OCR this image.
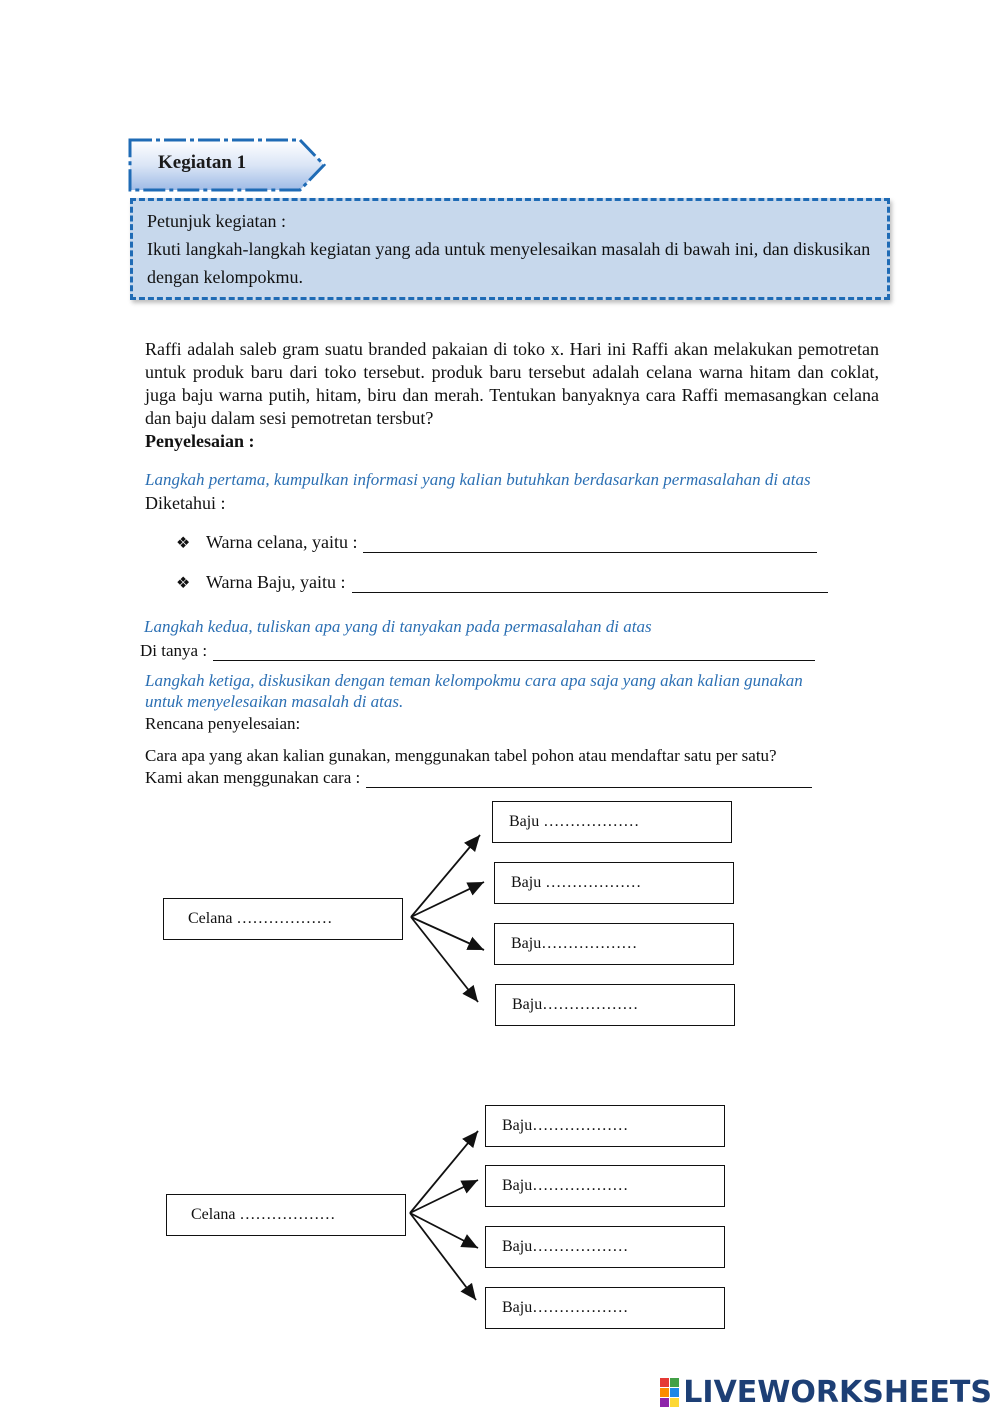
Kegiatan 1
Petunjuk kegiatan :
Ikuti langkah-langkah kegiatan yang ada untuk menyelesaikan masalah di bawah ini, dan diskusikan dengan kelompokmu.
Raffi adalah saleb gram suatu branded pakaian di toko x. Hari ini Raffi akan melakukan pemotretan untuk produk baru dari toko tersebut. produk baru tersebut adalah celana warna hitam dan coklat, juga baju warna putih, hitam, biru dan merah. Tentukan banyaknya cara Raffi memasangkan celana dan baju dalam sesi pemotretan tersbut?
Penyelesaian :
Langkah pertama, kumpulkan informasi yang kalian butuhkan berdasarkan permasalahan di atas
Diketahui :
❖ Warna celana, yaitu :
❖ Warna Baju, yaitu :
Langkah kedua, tuliskan apa yang di tanyakan pada permasalahan di atas
Di tanya :
Langkah ketiga, diskusikan dengan teman kelompokmu cara apa saja yang akan kalian gunakan
untuk menyelesaikan masalah di atas.
Rencana penyelesaian:
Cara apa yang akan kalian gunakan, menggunakan tabel pohon atau mendaftar satu per satu?
Kami akan menggunakan cara :
Celana ………………
Baju ………………
Baju ………………
Baju………………
Baju………………
Celana ………………
Baju………………
Baju………………
Baju………………
Baju………………
LIVEWORKSHEETS
